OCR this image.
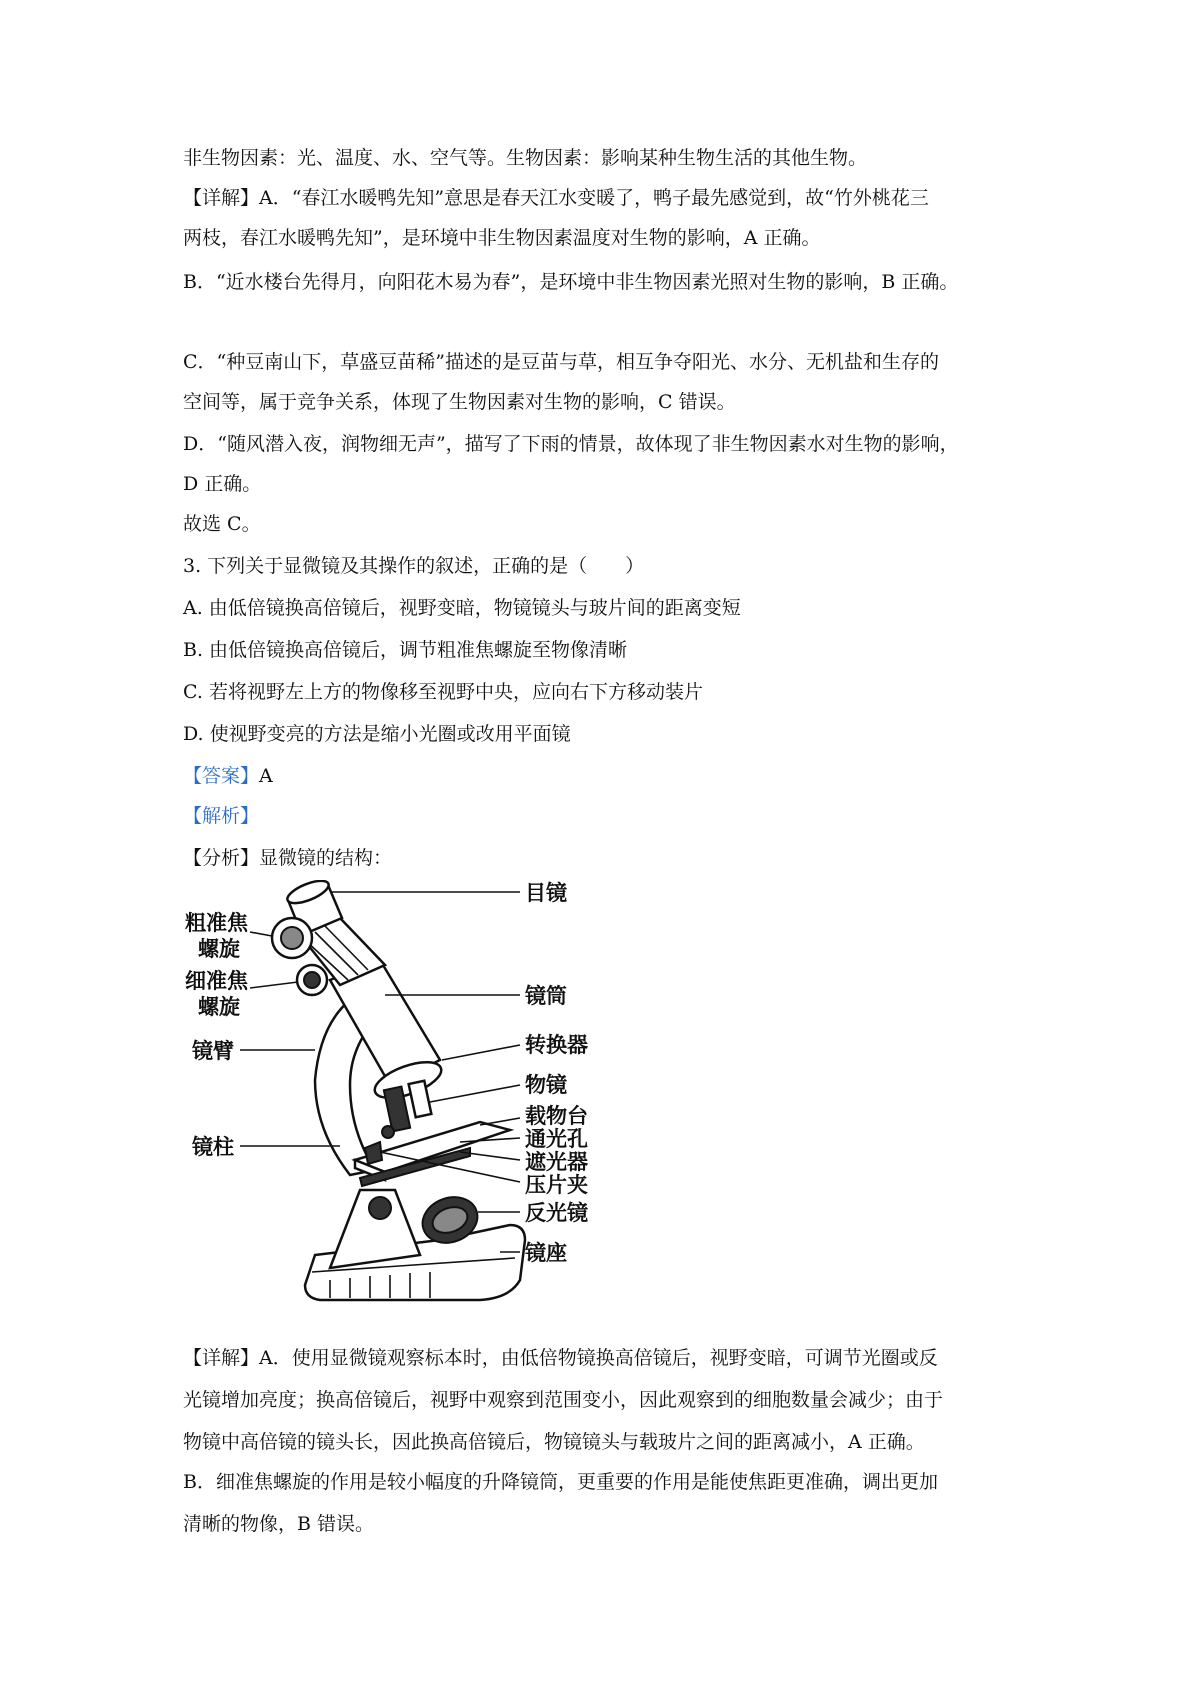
非生物因素：光、温度、水、空气等。生物因素：影响某种生物生活的其他生物。
【详解】A．“春江水暖鸭先知”意思是春天江水变暖了，鸭子最先感觉到，故“竹外桃花三
两枝，春江水暖鸭先知”，是环境中非生物因素温度对生物的影响，A 正确。
B．“近水楼台先得月，向阳花木易为春”，是环境中非生物因素光照对生物的影响，B 正确。
C．“种豆南山下，草盛豆苗稀”描述的是豆苗与草，相互争夺阳光、水分、无机盐和生存的
空间等，属于竞争关系，体现了生物因素对生物的影响，C 错误。
D．“随风潜入夜，润物细无声”，描写了下雨的情景，故体现了非生物因素水对生物的影响，
D 正确。
故选 C。
3. 下列关于显微镜及其操作的叙述，正确的是（　　）
A. 由低倍镜换高倍镜后，视野变暗，物镜镜头与玻片间的距离变短
B. 由低倍镜换高倍镜后，调节粗准焦螺旋至物像清晰
C. 若将视野左上方的物像移至视野中央，应向右下方移动装片
D. 使视野变亮的方法是缩小光圈或改用平面镜
【答案】A
【解析】
【分析】显微镜的结构：
目镜
镜筒
转换器
物镜
载物台
通光孔
遮光器
压片夹
反光镜
镜座
粗准焦
螺旋
细准焦
螺旋
镜臂
镜柱
【详解】A．使用显微镜观察标本时，由低倍物镜换高倍镜后，视野变暗，可调节光圈或反
光镜增加亮度；换高倍镜后，视野中观察到范围变小，因此观察到的细胞数量会减少；由于
物镜中高倍镜的镜头长，因此换高倍镜后，物镜镜头与载玻片之间的距离减小，A 正确。
B．细准焦螺旋的作用是较小幅度的升降镜筒，更重要的作用是能使焦距更准确，调出更加
清晰的物像，B 错误。
